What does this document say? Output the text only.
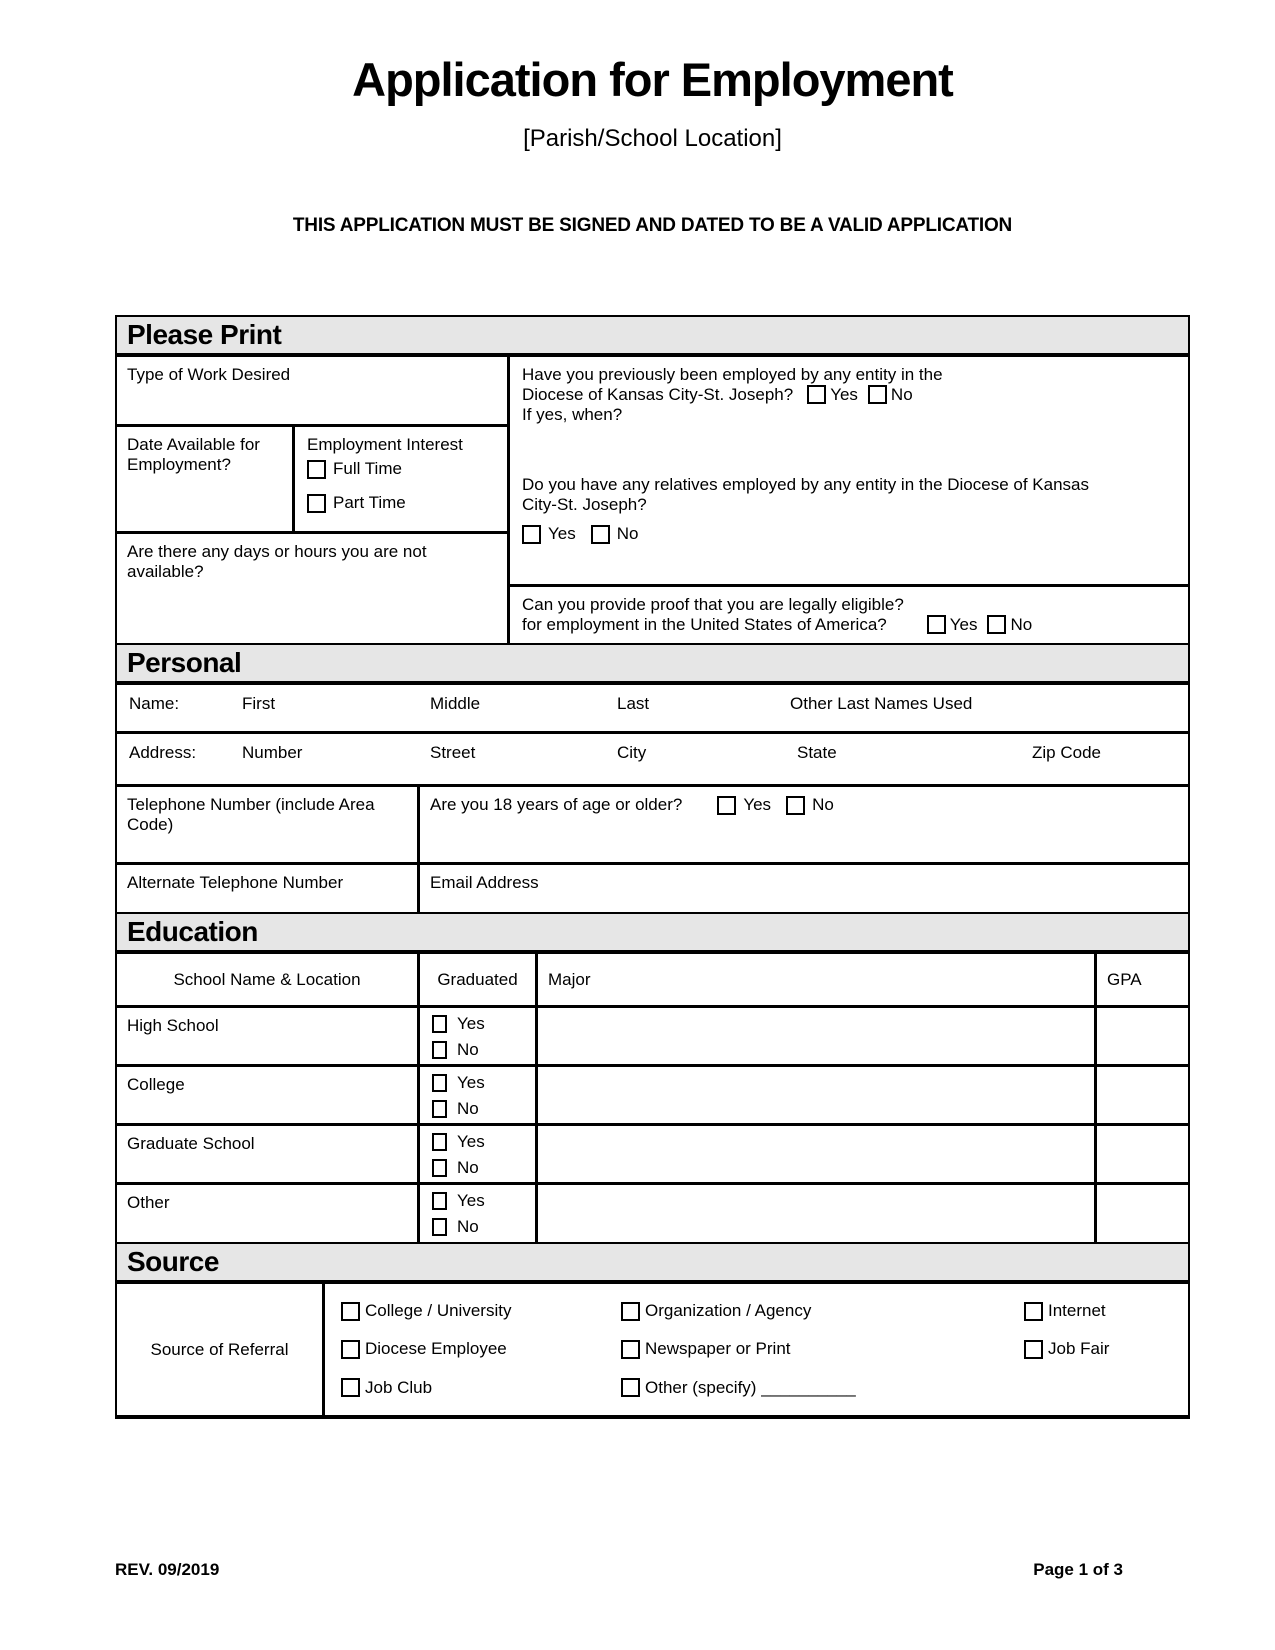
Application for Employment
[Parish/School Location]
THIS APPLICATION MUST BE SIGNED AND DATED TO BE A VALID APPLICATION
Please Print
Type of Work Desired
Date Available for Employment?
Employment Interest
Full Time
Part Time
Are there any days or hours you are not available?
Have you previously been employed by any entity in the
Diocese of Kansas City-St. Joseph? Yes No
If yes, when?
Do you have any relatives employed by any entity in the Diocese of Kansas City-St. Joseph?
Yes No
Can you provide proof that you are legally eligible?
for employment in the United States of America?	Yes No
Personal
Name:	First	Middle	Last	Other Last Names Used
Address:	Number	Street	City	State	Zip Code
Telephone Number (include Area Code)
Are you 18 years of age or older?	Yes No
Alternate Telephone Number	Email Address
Education
School Name & Location	Graduated	Major	GPA
High School	Yes
No
College	Yes
No
Graduate School	Yes
No
Other	Yes
No
Source
Source of Referral
College / University	Organization / Agency	Internet
Diocese Employee	Newspaper or Print	Job Fair
Job Club	Other (specify) __________
REV. 09/2019	Page 1 of 3
